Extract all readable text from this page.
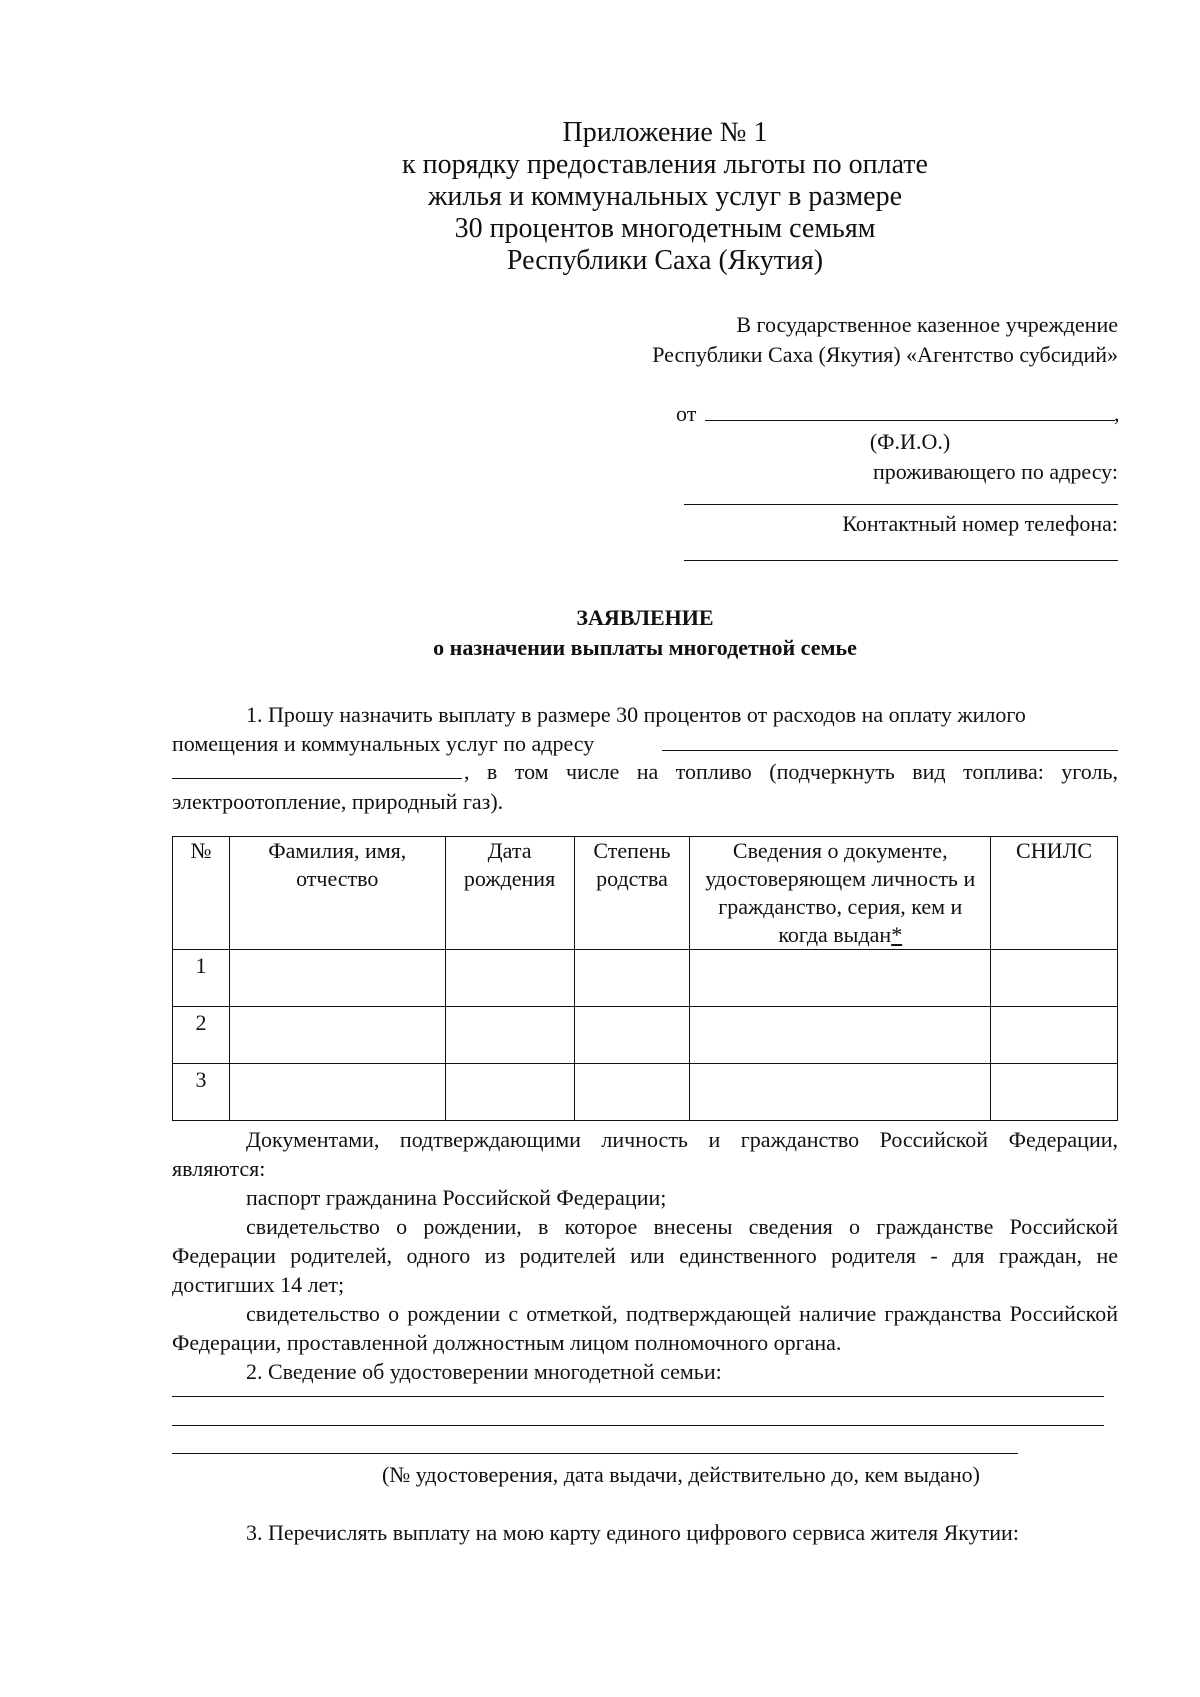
Приложение № 1
к порядку предоставления льготы по оплате
жилья и коммунальных услуг в размере
30 процентов многодетным семьям
Республики Саха (Якутия)
В государственное казенное учреждение
Республики Саха (Якутия) «Агентство субсидий»
от	,
(Ф.И.О.)
проживающего по адресу:
Контактный номер телефона:
ЗАЯВЛЕНИЕ
о назначении выплаты многодетной семье
1. Прошу назначить выплату в размере 30 процентов от расходов на оплату жилого
помещения и коммунальных услуг по адресу
, в том числе на топливо (подчеркнуть вид топлива: уголь,
электроотопление, природный газ).
№	Фамилия, имя, отчество	Дата рождения	Степень родства	Сведения о документе, удостоверяющем личность и гражданство, серия, кем и когда выдан*	СНИЛС
1					
2					
3					
Документами, подтверждающими личность и гражданство Российской Федерации, являются:
паспорт гражданина Российской Федерации;
свидетельство о рождении, в которое внесены сведения о гражданстве Российской Федерации родителей, одного из родителей или единственного родителя - для граждан, не достигших 14 лет;
свидетельство о рождении с отметкой, подтверждающей наличие гражданства Российской Федерации, проставленной должностным лицом полномочного органа.
2. Сведение об удостоверении многодетной семьи:
(№ удостоверения, дата выдачи, действительно до, кем выдано)
3. Перечислять выплату на мою карту единого цифрового сервиса жителя Якутии:
